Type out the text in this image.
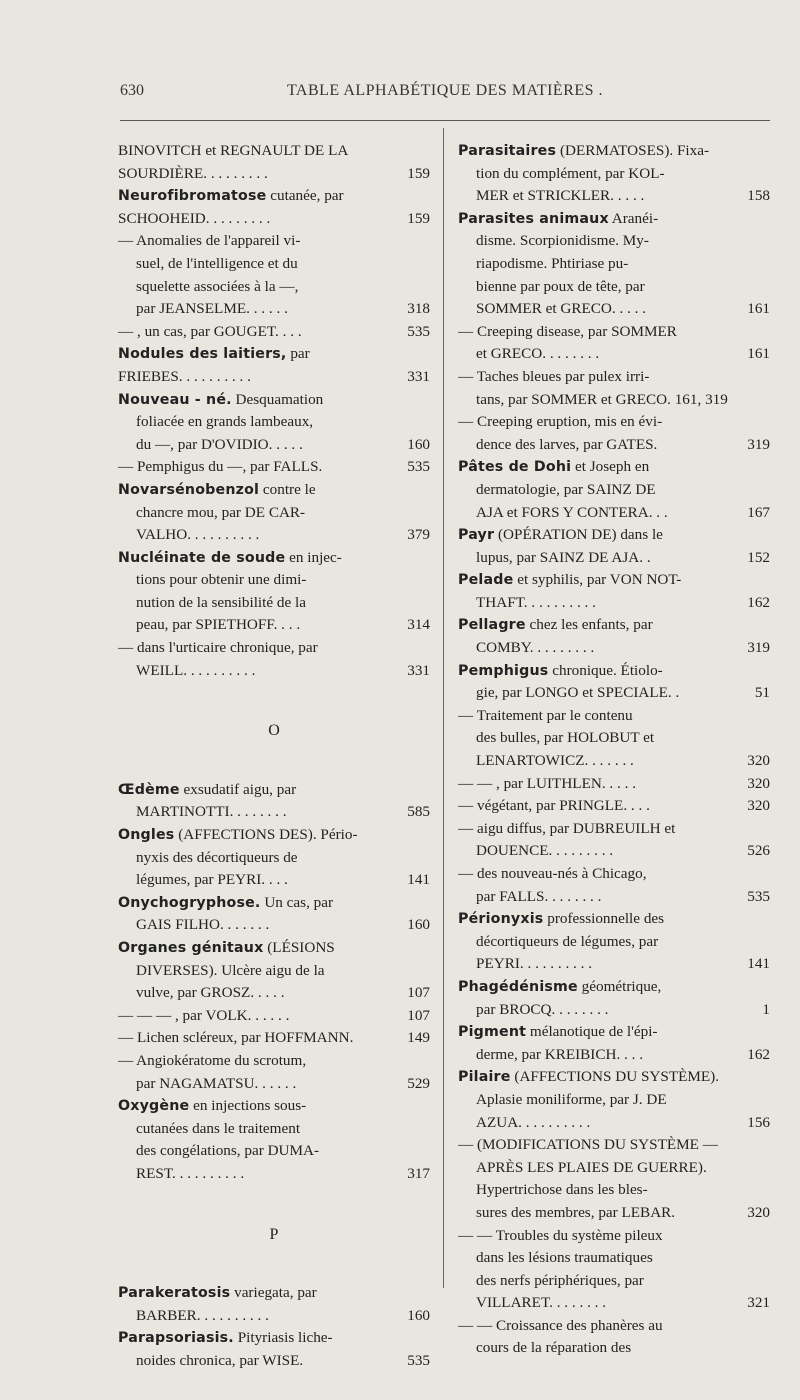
630	TABLE ALPHABÉTIQUE DES MATIÈRES .
BINOVITCH et REGNAULT DE LA
SOURDIÈRE. . . . . . . . .	159
Neurofibromatose cutanée, par
SCHOOHEID. . . . . . . . .	159
— Anomalies de l'appareil vi-
suel, de l'intelligence et du
squelette associées à la —,
par JEANSELME. . . . . .	318
— , un cas, par GOUGET. . . .	535
Nodules des laitiers, par
FRIEBES. . . . . . . . . .	331
Nouveau - né. Desquamation
foliacée en grands lambeaux,
du —, par D'OVIDIO. . . . .	160
— Pemphigus du —, par FALLS.	535
Novarsénobenzol contre le
chancre mou, par DE CAR-
VALHO. . . . . . . . . .	379
Nucléinate de soude en injec-
tions pour obtenir une dimi-
nution de la sensibilité de la
peau, par SPIETHOFF. . . .	314
— dans l'urticaire chronique, par
WEILL. . . . . . . . . .	331
O
Œdème exsudatif aigu, par
MARTINOTTI. . . . . . . .	585
Ongles (AFFECTIONS DES). Pério-
nyxis des décortiqueurs de
légumes, par PEYRI. . . .	141
Onychogryphose. Un cas, par
GAIS FILHO. . . . . . .	160
Organes génitaux (LÉSIONS
DIVERSES). Ulcère aigu de la
vulve, par GROSZ. . . . .	107
— — — , par VOLK. . . . . .	107
— Lichen scléreux, par HOFFMANN.	149
— Angiokératome du scrotum,
par NAGAMATSU. . . . . .	529
Oxygène en injections sous-
cutanées dans le traitement
des congélations, par DUMA-
REST. . . . . . . . . .	317
P
Parakeratosis variegata, par
BARBER. . . . . . . . . .	160
Parapsoriasis. Pityriasis liche-
noides chronica, par WISE.	535
Parasitaires (DERMATOSES). Fixa-
tion du complément, par KOL-
MER et STRICKLER. . . . .	158
Parasites animaux Aranéi-
disme. Scorpionidisme. My-
riapodisme. Phtiriase pu-
bienne par poux de tête, par
SOMMER et GRECO. . . . .	161
— Creeping disease, par SOMMER
et GRECO. . . . . . . .	161
— Taches bleues par pulex irri-
tans, par SOMMER et GRECO. 161, 319
— Creeping eruption, mis en évi-
dence des larves, par GATES.	319
Pâtes de Dohi et Joseph en
dermatologie, par SAINZ DE
AJA et FORS Y CONTERA. . .	167
Payr (OPÉRATION DE) dans le
lupus, par SAINZ DE AJA. .	152
Pelade et syphilis, par VON NOT-
THAFT. . . . . . . . . .	162
Pellagre chez les enfants, par
COMBY. . . . . . . . .	319
Pemphigus chronique. Étiolo-
gie, par LONGO et SPECIALE. .	51
— Traitement par le contenu
des bulles, par HOLOBUT et
LENARTOWICZ. . . . . . .	320
— — , par LUITHLEN. . . . .	320
— végétant, par PRINGLE. . . .	320
— aigu diffus, par DUBREUILH et
DOUENCE. . . . . . . . .	526
— des nouveau-nés à Chicago,
par FALLS. . . . . . . .	535
Périonyxis professionnelle des
décortiqueurs de légumes, par
PEYRI. . . . . . . . . .	141
Phagédénisme géométrique,
par BROCQ. . . . . . . .	1
Pigment mélanotique de l'épi-
derme, par KREIBICH. . . .	162
Pilaire (AFFECTIONS DU SYSTÈME).
Aplasie moniliforme, par J. DE
AZUA. . . . . . . . . .	156
— (MODIFICATIONS DU SYSTÈME —
APRÈS LES PLAIES DE GUERRE).
Hypertrichose dans les bles-
sures des membres, par LEBAR.	320
— — Troubles du système pileux
dans les lésions traumatiques
des nerfs périphériques, par
VILLARET. . . . . . . .	321
— — Croissance des phanères au
cours de la réparation des
